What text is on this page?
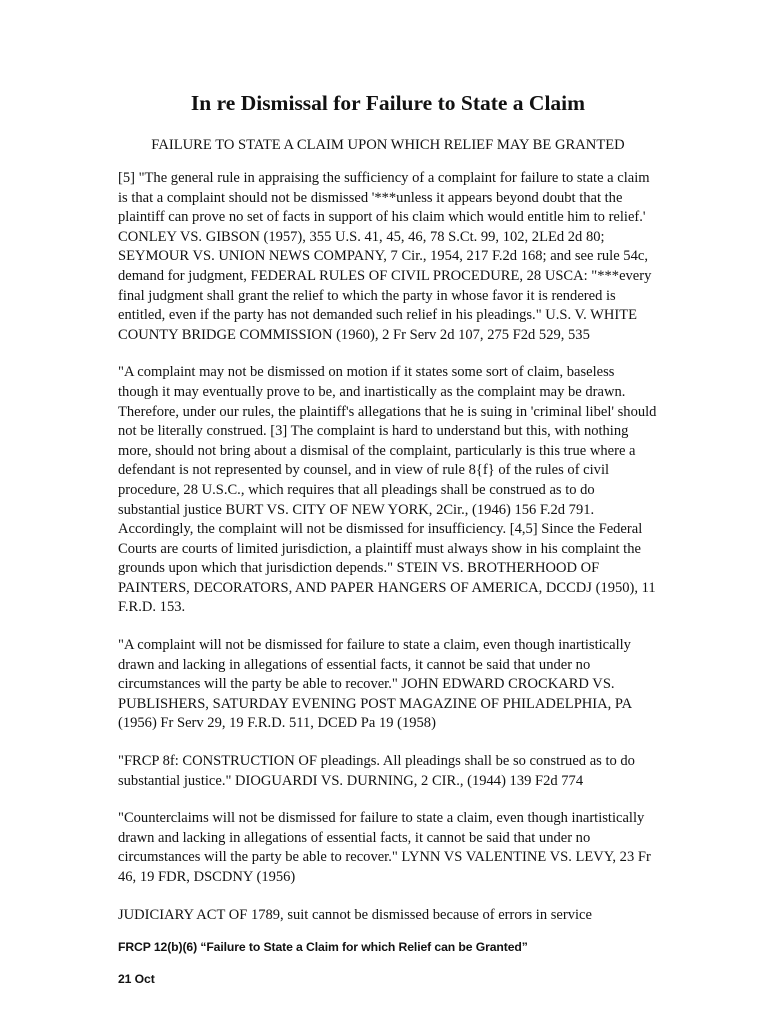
In re Dismissal for Failure to State a Claim
FAILURE TO STATE A CLAIM UPON WHICH RELIEF MAY BE GRANTED

[5] "The general rule in appraising the sufficiency of a complaint for failure to state a claim is that a complaint should not be dismissed '***unless it appears beyond doubt that the plaintiff can prove no set of facts in support of his claim which would entitle him to relief.' CONLEY VS. GIBSON (1957), 355 U.S. 41, 45, 46, 78 S.Ct. 99, 102, 2LEd 2d 80; SEYMOUR VS. UNION NEWS COMPANY, 7 Cir., 1954, 217 F.2d 168; and see rule 54c, demand for judgment, FEDERAL RULES OF CIVIL PROCEDURE, 28 USCA: "***every final judgment shall grant the relief to which the party in whose favor it is rendered is entitled, even if the party has not demanded such relief in his pleadings." U.S. V. WHITE COUNTY BRIDGE COMMISSION (1960), 2 Fr Serv 2d 107, 275 F2d 529, 535

"A complaint may not be dismissed on motion if it states some sort of claim, baseless though it may eventually prove to be, and inartistically as the complaint may be drawn. Therefore, under our rules, the plaintiff's allegations that he is suing in 'criminal libel' should not be literally construed. [3] The complaint is hard to understand but this, with nothing more, should not bring about a dismisal of the complaint, particularly is this true where a defendant is not represented by counsel, and in view of rule 8{f} of the rules of civil procedure, 28 U.S.C., which requires that all pleadings shall be construed as to do substantial justice BURT VS. CITY OF NEW YORK, 2Cir., (1946) 156 F.2d 791. Accordingly, the complaint will not be dismissed for insufficiency. [4,5] Since the Federal Courts are courts of limited jurisdiction, a plaintiff must always show in his complaint the grounds upon which that jurisdiction depends." STEIN VS. BROTHERHOOD OF PAINTERS, DECORATORS, AND PAPER HANGERS OF AMERICA, DCCDJ (1950), 11 F.R.D. 153.

"A complaint will not be dismissed for failure to state a claim, even though inartistically drawn and lacking in allegations of essential facts, it cannot be said that under no circumstances will the party be able to recover." JOHN EDWARD CROCKARD VS. PUBLISHERS, SATURDAY EVENING POST MAGAZINE OF PHILADELPHIA, PA (1956) Fr Serv 29, 19 F.R.D. 511, DCED Pa 19 (1958)

"FRCP 8f: CONSTRUCTION OF pleadings. All pleadings shall be so construed as to do substantial justice." DIOGUARDI VS. DURNING, 2 CIR., (1944) 139 F2d 774

"Counterclaims will not be dismissed for failure to state a claim, even though inartistically drawn and lacking in allegations of essential facts, it cannot be said that under no circumstances will the party be able to recover." LYNN VS VALENTINE VS. LEVY, 23 Fr 46, 19 FDR, DSCDNY (1956)

JUDICIARY ACT OF 1789, suit cannot be dismissed because of errors in service

FRCP 12(b)(6) “Failure to State a Claim for which Relief can be Granted”
21 Oct
